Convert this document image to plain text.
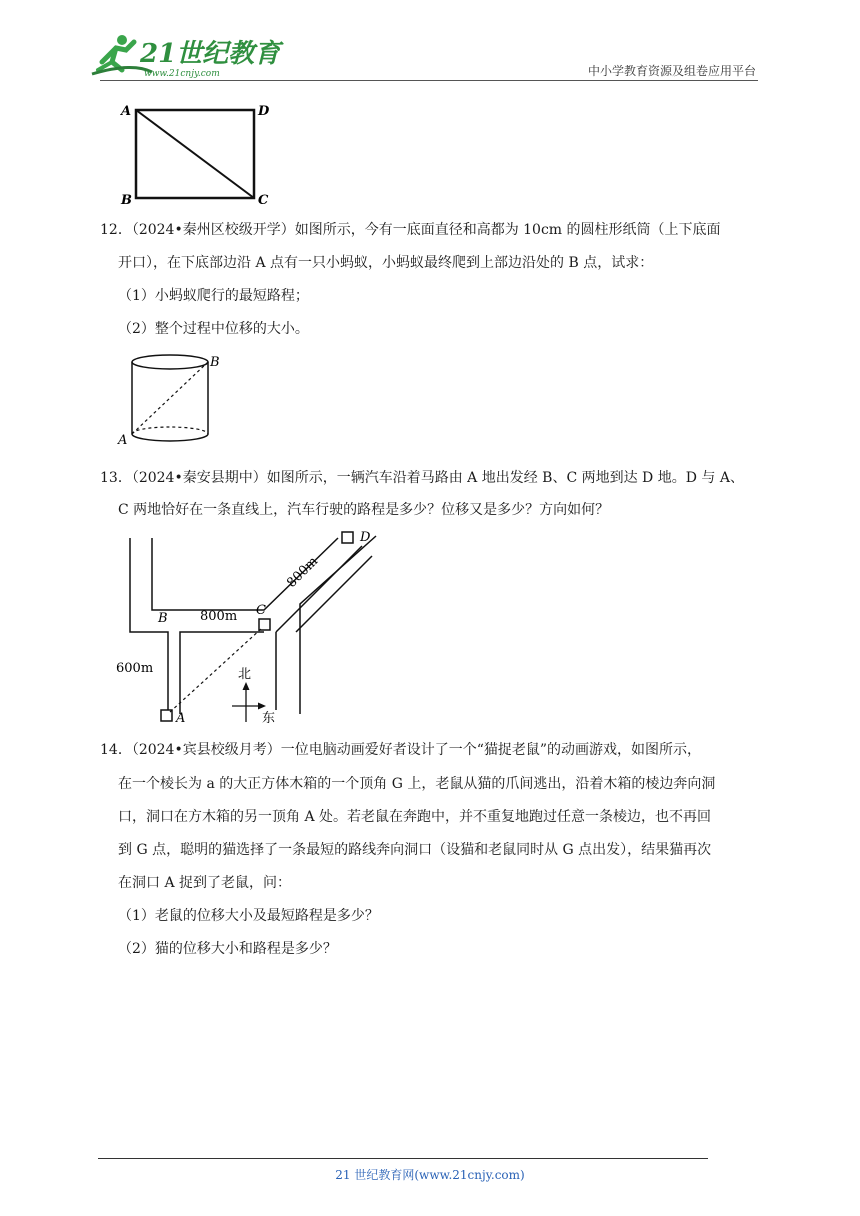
21世纪教育
www.21cnjy.com	中小学教育资源及组卷应用平台
A	D
B	C
12．（2024•秦州区校级开学）如图所示，今有一底面直径和高都为 10cm 的圆柱形纸筒（上下底面
开口），在下底部边沿 A 点有一只小蚂蚁，小蚂蚁最终爬到上部边沿处的 B 点，试求：
（1）小蚂蚁爬行的最短路程；
（2）整个过程中位移的大小。
A
B
13．（2024•秦安县期中）如图所示，一辆汽车沿着马路由 A 地出发经 B、C 两地到达 D 地。D 与 A、
C 两地恰好在一条直线上，汽车行驶的路程是多少？位移又是多少？方向如何？
A
B
C
D
800m
800m
600m	北
东
14．（2024•宾县校级月考）一位电脑动画爱好者设计了一个“猫捉老鼠”的动画游戏，如图所示，
在一个棱长为 a 的大正方体木箱的一个顶角 G 上，老鼠从猫的爪间逃出，沿着木箱的棱边奔向洞
口，洞口在方木箱的另一顶角 A 处。若老鼠在奔跑中，并不重复地跑过任意一条棱边，也不再回
到 G 点，聪明的猫选择了一条最短的路线奔向洞口（设猫和老鼠同时从 G 点出发），结果猫再次
在洞口 A 捉到了老鼠，问：
（1）老鼠的位移大小及最短路程是多少？
（2）猫的位移大小和路程是多少？
21 世纪教育网(www.21cnjy.com)
